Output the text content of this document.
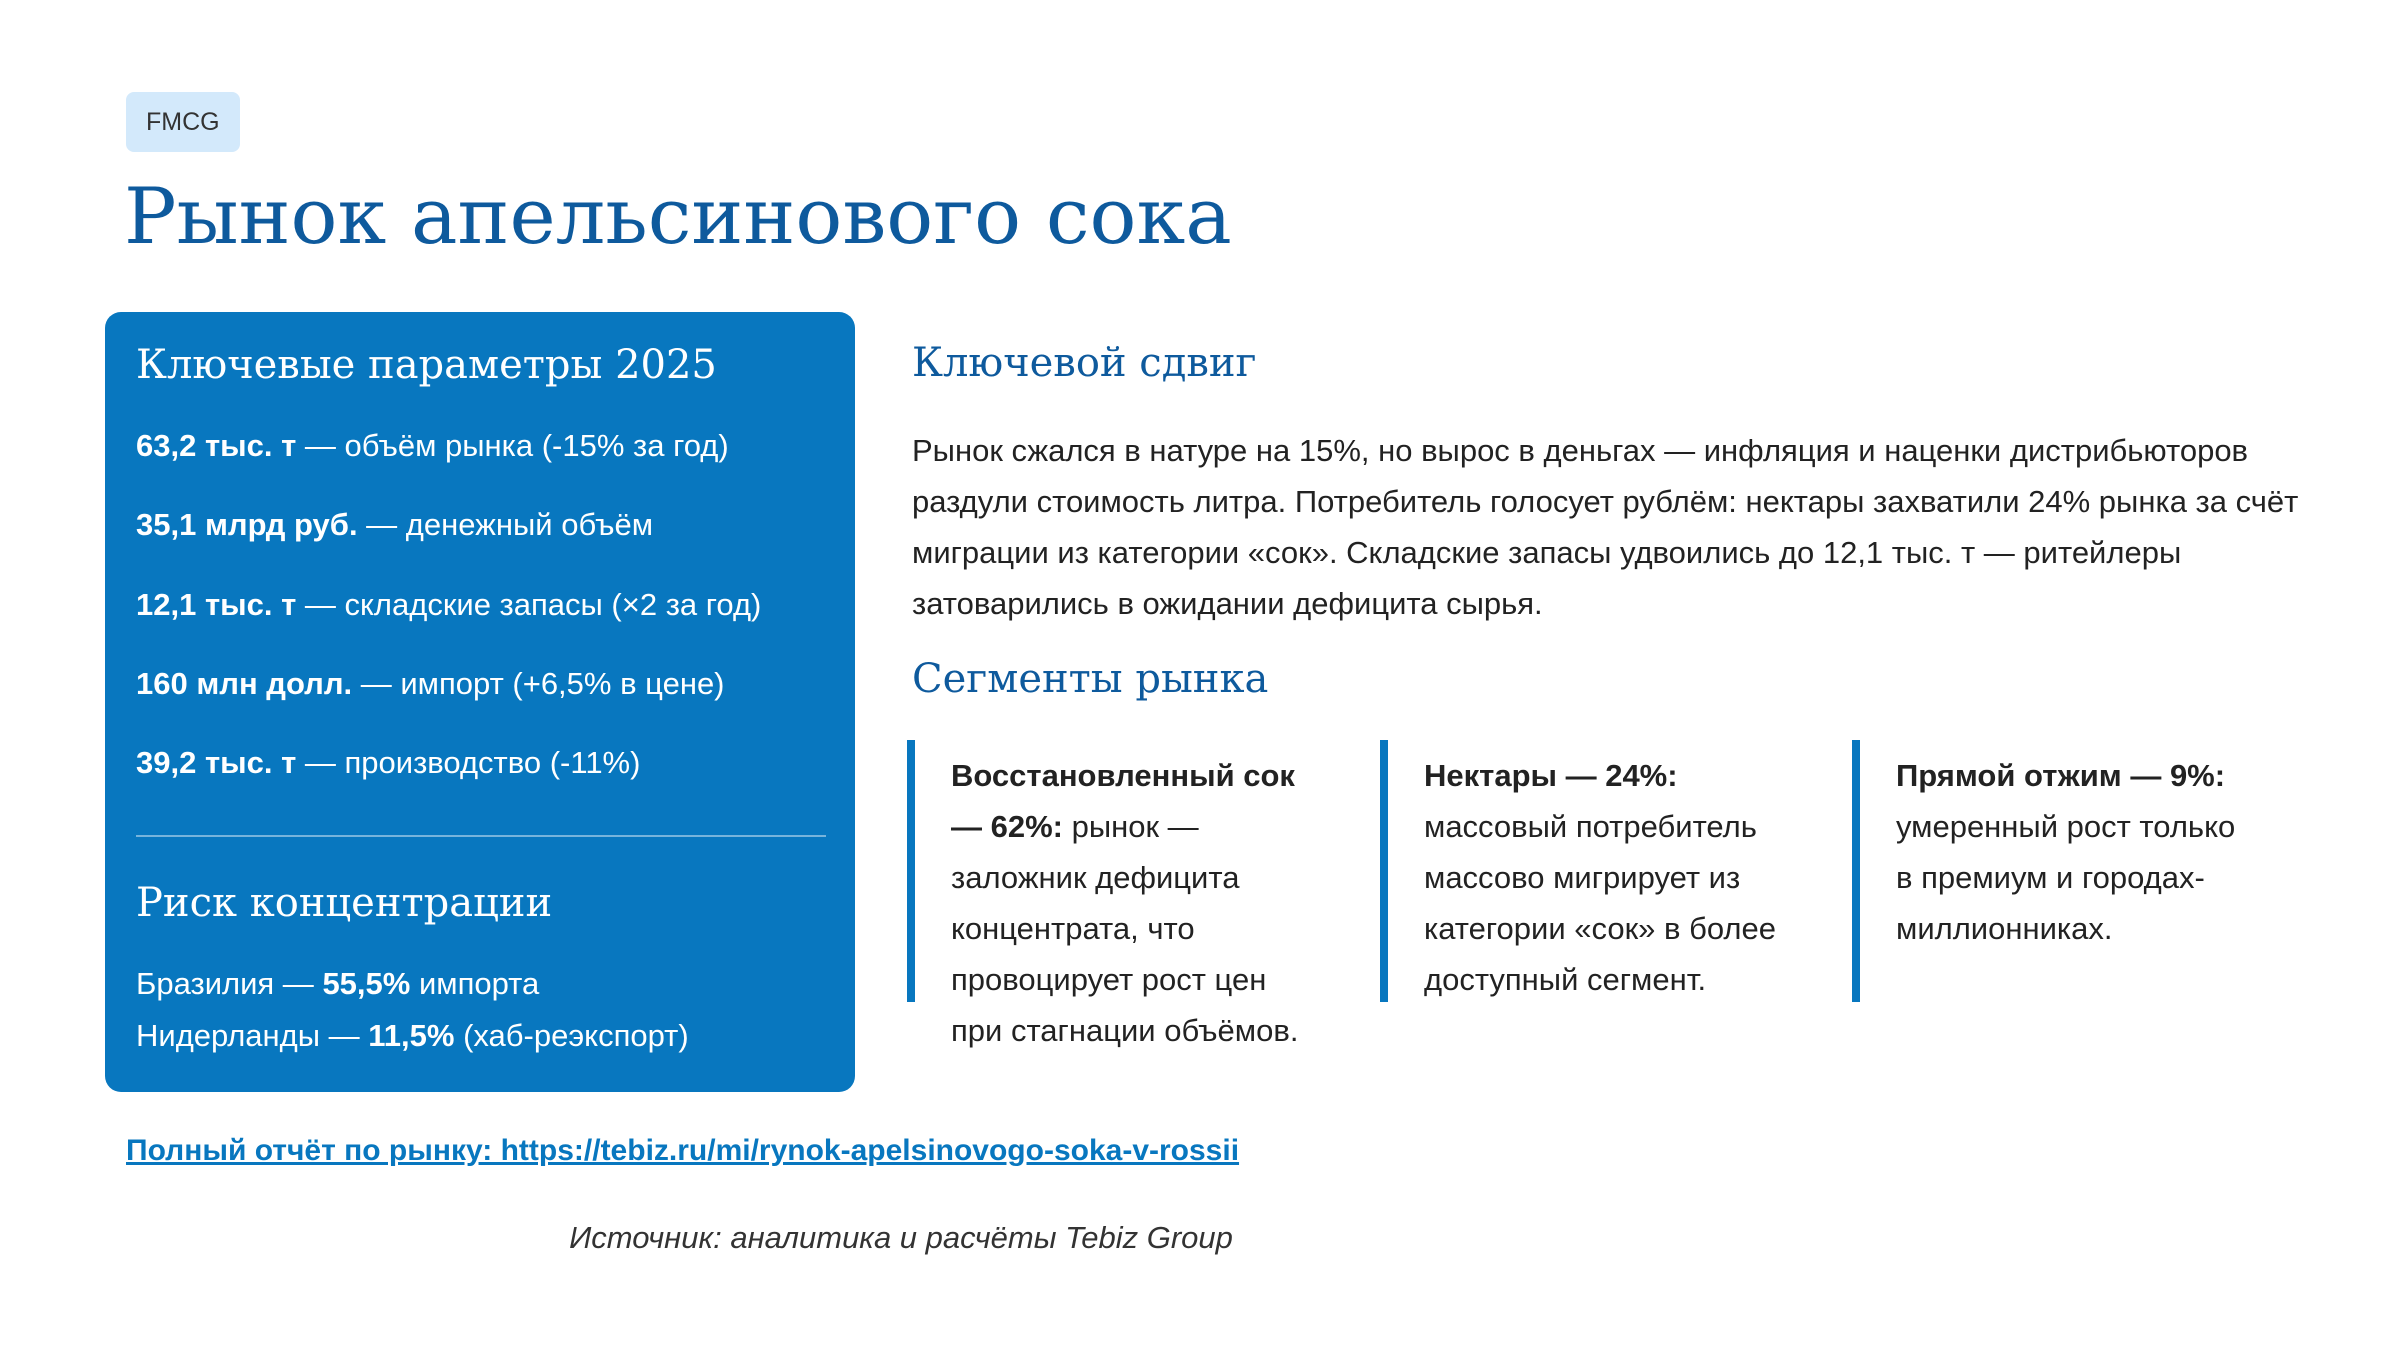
FMCG
Рынок апельсинового сока
Ключевые параметры 2025
63,2 тыс. т — объём рынка (-15% за год)
35,1 млрд руб. — денежный объём
12,1 тыс. т — складские запасы (×2 за год)
160 млн долл. — импорт (+6,5% в цене)
39,2 тыс. т — производство (-11%)
Риск концентрации
Бразилия — 55,5% импорта
Нидерланды — 11,5% (хаб-реэкспорт)
Ключевой сдвиг

Рынок сжался в натуре на 15%, но вырос в деньгах — инфляция и наценки дистрибьюторов раздули стоимость литра. Потребитель голосует рублём: нектары захватили 24% рынка за счёт миграции из категории «сок». Складские запасы удвоились до 12,1 тыс. т — ритейлеры затоварились в ожидании дефицита сырья.

Сегменты рынка
Восстановленный сок — 62%: рынок — заложник дефицита концентрата, что провоцирует рост цен при стагнации объёмов.
Нектары — 24%: массовый потребитель массово мигрирует из категории «сок» в более доступный сегмент.
Прямой отжим — 9%: умеренный рост только в премиум и городах-миллионниках.
Полный отчёт по рынку: https://tebiz.ru/mi/rynok-apelsinovogo-soka-v-rossii
Источник: аналитика и расчёты Tebiz Group
